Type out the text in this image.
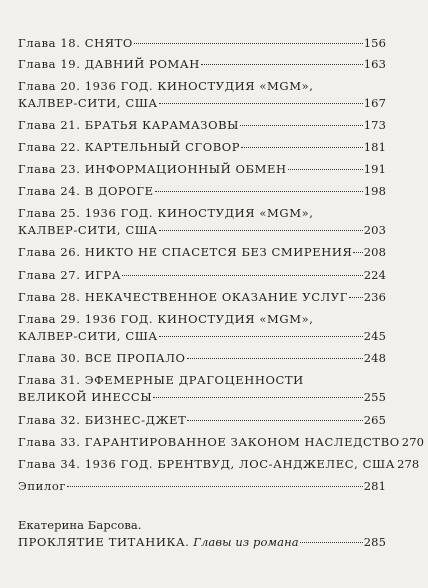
Глава 18. СНЯТО	156
Глава 19. ДАВНИЙ РОМАН	163
Глава 20. 1936 ГОД. КИНОСТУДИЯ «MGM»,
КАЛВЕР-СИТИ, США	167
Глава 21. БРАТЬЯ КАРАМАЗОВЫ	173
Глава 22. КАРТЕЛЬНЫЙ СГОВОР	181
Глава 23. ИНФОРМАЦИОННЫЙ ОБМЕН	191
Глава 24. В ДОРОГЕ	198
Глава 25. 1936 ГОД. КИНОСТУДИЯ «MGM»,
КАЛВЕР-СИТИ, США	203
Глава 26. НИКТО НЕ СПАСЕТСЯ БЕЗ СМИРЕНИЯ 208
Глава 27. ИГРА	224
Глава 28. НЕКАЧЕСТВЕННОЕ ОКАЗАНИЕ УСЛУГ 236
Глава 29. 1936 ГОД. КИНОСТУДИЯ «MGM»,
КАЛВЕР-СИТИ, США	245
Глава 30. ВСЕ ПРОПАЛО	248
Глава 31. ЭФЕМЕРНЫЕ ДРАГОЦЕННОСТИ
ВЕЛИКОЙ ИНЕССЫ	255
Глава 32. БИЗНЕС-ДЖЕТ	265
Глава 33. ГАРАНТИРОВАННОЕ ЗАКОНОМ НАСЛЕДСТВО 270
Глава 34. 1936 ГОД. БРЕНТВУД, ЛОС-АНДЖЕЛЕС, США 278
Эпилог	281
Екатерина Барсова.
ПРОКЛЯТИЕ ТИТАНИКА.
Главы из романа	285
